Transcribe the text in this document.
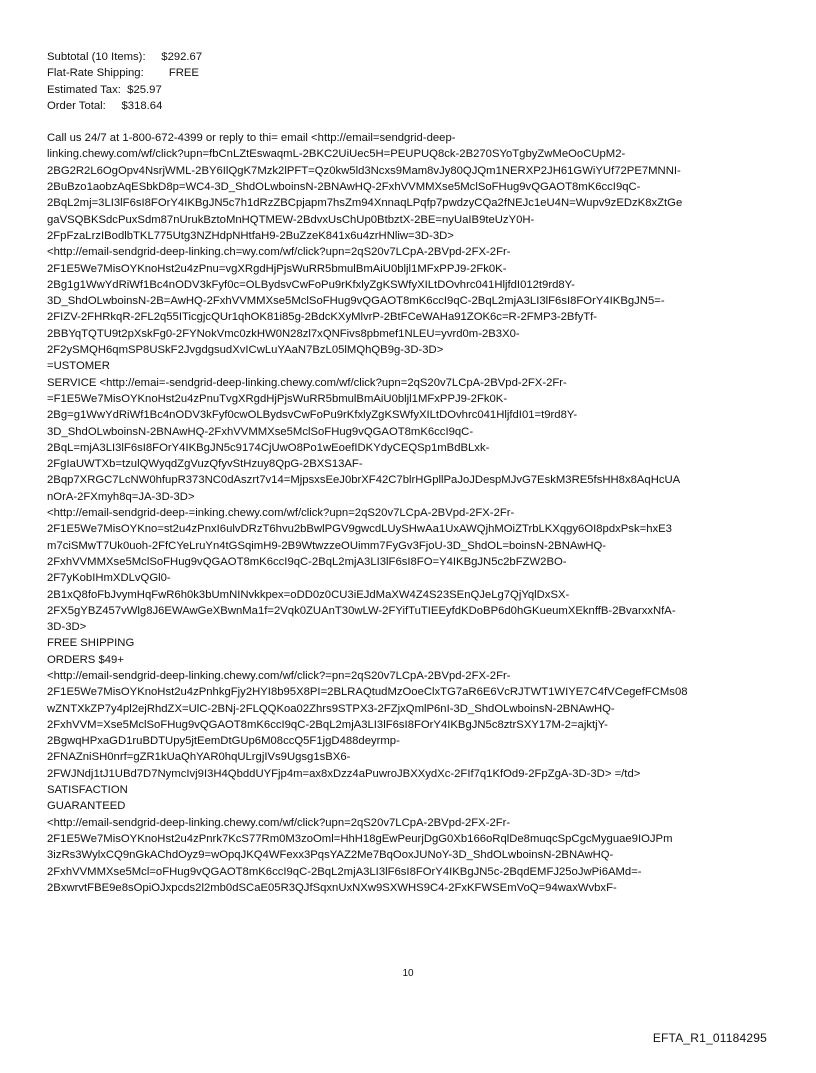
Subtotal (10 Items): $292.67
Flat-Rate Shipping: FREE
Estimated Tax: $25.97
Order Total: $318.64
Call us 24/7 at 1-800-672-4399 or reply to thi= email <http://email=sendgrid-deep-
linking.chewy.com/wf/click?upn=fbCnLZtEswaqmL-2BKC2UiUec5H=PEUPUQ8ck-2B270SYoTgbyZwMeOoCUpM2-
2BG2R2L6OgOpv4NsrjWML-2BY6IlQgK7Mzk2lPFT=Qz0kw5ld3Ncxs9Mam8vJy80QJQm1NERXP2JH61GWiYUf72PE7MNNI-
2BuBzo1aobzAqESbkD8p=WC4-3D_ShdOLwboinsN-2BNAwHQ-2FxhVVMMXse5MclSoFHug9vQGAOT8mK6ccI9qC-
2BqL2mj=3LI3lF6sI8FOrY4IKBgJN5c7h1dRzZBCpjapm7hsZm94XnnaqLPqfp7pwdzyCQa2fNEJc1eU4N=Wupv9zEDzK8xZtGe
gaVSQBKSdcPuxSdm87nUrukBztoMnHQTMEW-2BdvxUsChUp0BtbztX-2BE=nyUaIB9teUzY0H-
2FpFzaLrzIBodlbTKL775Utg3NZHdpNHtfaH9-2BuZzeK841x6u4zrHNliw=3D-3D>
<http://email-sendgrid-deep-linking.ch=wy.com/wf/click?upn=2qS20v7LCpA-2BVpd-2FX-2Fr-
2F1E5We7MisOYKnoHst2u4zPnu=vgXRgdHjPjsWuRR5bmulBmAiU0bljl1MFxPPJ9-2Fk0K-
2Bg1g1WwYdRiWf1Bc4nODV3kFyf0c=OLBydsvCwFoPu9rKfxlyZgKSWfyXILtDOvhrc041HljfdI012t9rd8Y-
3D_ShdOLwboinsN-2B=AwHQ-2FxhVVMMXse5MclSoFHug9vQGAOT8mK6ccI9qC-2BqL2mjA3LI3lF6sI8FOrY4IKBgJN5=-
2FIZV-2FHRkqR-2FL2q55ITicgjcQUr1qhOK81i85g-2BdcKXyMlvrP-2BtFCeWAHa91ZOK6c=R-2FMP3-2BfyTf-
2BBYqTQTU9t2pXskFg0-2FYNokVmc0zkHW0N28zl7xQNFivs8pbmef1NLEU=yvrd0m-2B3X0-
2F2ySMQH6qmSP8USkF2JvgdgsudXvICwLuYAaN7BzL05lMQhQB9g-3D-3D>
=USTOMER
SERVICE <http://emai=-sendgrid-deep-linking.chewy.com/wf/click?upn=2qS20v7LCpA-2BVpd-2FX-2Fr-
=F1E5We7MisOYKnoHst2u4zPnuTvgXRgdHjPjsWuRR5bmulBmAiU0bljl1MFxPPJ9-2Fk0K-
2Bg=g1WwYdRiWf1Bc4nODV3kFyf0cwOLBydsvCwFoPu9rKfxlyZgKSWfyXILtDOvhrc041HljfdI01=t9rd8Y-
3D_ShdOLwboinsN-2BNAwHQ-2FxhVVMMXse5MclSoFHug9vQGAOT8mK6ccI9qC-
2BqL=mjA3LI3lF6sI8FOrY4IKBgJN5c9174CjUwO8Po1wEoefIDKYdyCEQSp1mBdBLxk-
2FgIaUWTXb=tzulQWyqdZgVuzQfyvStHzuy8QpG-2BXS13AF-
2Bqp7XRGC7LcNW0hfupR373NC0dAszrt7v14=MjpsxsEeJ0brXF42C7blrHGpllPaJoJDespMJvG7EskM3RE5fsHH8x8AqHcUA
nOrA-2FXmyh8q=JA-3D-3D>
<http://email-sendgrid-deep-=inking.chewy.com/wf/click?upn=2qS20v7LCpA-2BVpd-2FX-2Fr-
2F1E5We7MisOYKno=st2u4zPnxI6ulvDRzT6hvu2bBwlPGV9gwcdLUySHwAa1UxAWQjhMOiZTrbLKXqgy6OI8pdxPsk=hxE3
m7ciSMwT7Uk0uoh-2FfCYeLruYn4tGSqimH9-2B9WtwzzeOUimm7FyGv3FjoU-3D_ShdOL=boinsN-2BNAwHQ-
2FxhVVMMXse5MclSoFHug9vQGAOT8mK6ccI9qC-2BqL2mjA3LI3lF6sI8FO=Y4IKBgJN5c2bFZW2BO-
2F7yKobIHmXDLvQGl0-
2B1xQ8foFbJvymHqFwR6h0k3bUmNINvkkpex=oDD0z0CU3iEJdMaXW4Z4S23SEnQJeLg7QjYqlDxSX-
2FX5gYBZ457vWlg8J6EWAwGeXBwnMa1f=2Vqk0ZUAnT30wLW-2FYifTuTIEEyfdKDoBP6d0hGKueumXEknffB-2BvarxxNfA-
3D-3D>
FREE SHIPPING
ORDERS $49+
<http://email-sendgrid-deep-linking.chewy.com/wf/click?=pn=2qS20v7LCpA-2BVpd-2FX-2Fr-
2F1E5We7MisOYKnoHst2u4zPnhkgFjy2HYI8b95X8PI=2BLRAQtudMzOoeClxTG7aR6E6VcRJTWT1WIYE7C4fVCegefFCMs08
wZNTXkZP7y4pl2ejRhdZX=UlC-2BNj-2FLQQKoa02Zhrs9STPX3-2FZjxQmlP6nI-3D_ShdOLwboinsN-2BNAwHQ-
2FxhVVM=Xse5MclSoFHug9vQGAOT8mK6ccI9qC-2BqL2mjA3LI3lF6sI8FOrY4IKBgJN5c8ztrSXY17M-2=ajktjY-
2BgwqHPxaGD1ruBDTUpy5jtEemDtGUp6M08ccQ5F1jgD488deyrmp-
2FNAZniSH0nrf=gZR1kUaQhYAR0hqULrgjIVs9Ugsg1sBX6-
2FWJNdj1tJ1UBd7D7NymcIvj9I3H4QbddUYFjp4m=ax8xDzz4aPuwroJBXXydXc-2FIf7q1KfOd9-2FpZgA-3D-3D> =/td>
SATISFACTION
GUARANTEED
<http://email-sendgrid-deep-linking.chewy.com/wf/click?upn=2qS20v7LCpA-2BVpd-2FX-2Fr-
2F1E5We7MisOYKnoHst2u4zPnrk7KcS77Rm0M3zoOml=HhH18gEwPeurjDgG0Xb166oRqlDe8muqcSpCgcMyguae9IOJPm
3izRs3WylxCQ9nGkAChdOyz9=wOpqJKQ4WFexx3PqsYAZ2Me7BqOoxJUNoY-3D_ShdOLwboinsN-2BNAwHQ-
2FxhVVMMXse5Mcl=oFHug9vQGAOT8mK6ccI9qC-2BqL2mjA3LI3lF6sI8FOrY4IKBgJN5c-2BqdEMFJ25oJwPi6AMd=-
2BxwrvtFBE9e8sOpiOJxpcds2l2mb0dSCaE05R3QJfSqxnUxNXw9SXWHS9C4-2FxKFWSEmVoQ=94waxWvbxF-
10
EFTA_R1_01184295
